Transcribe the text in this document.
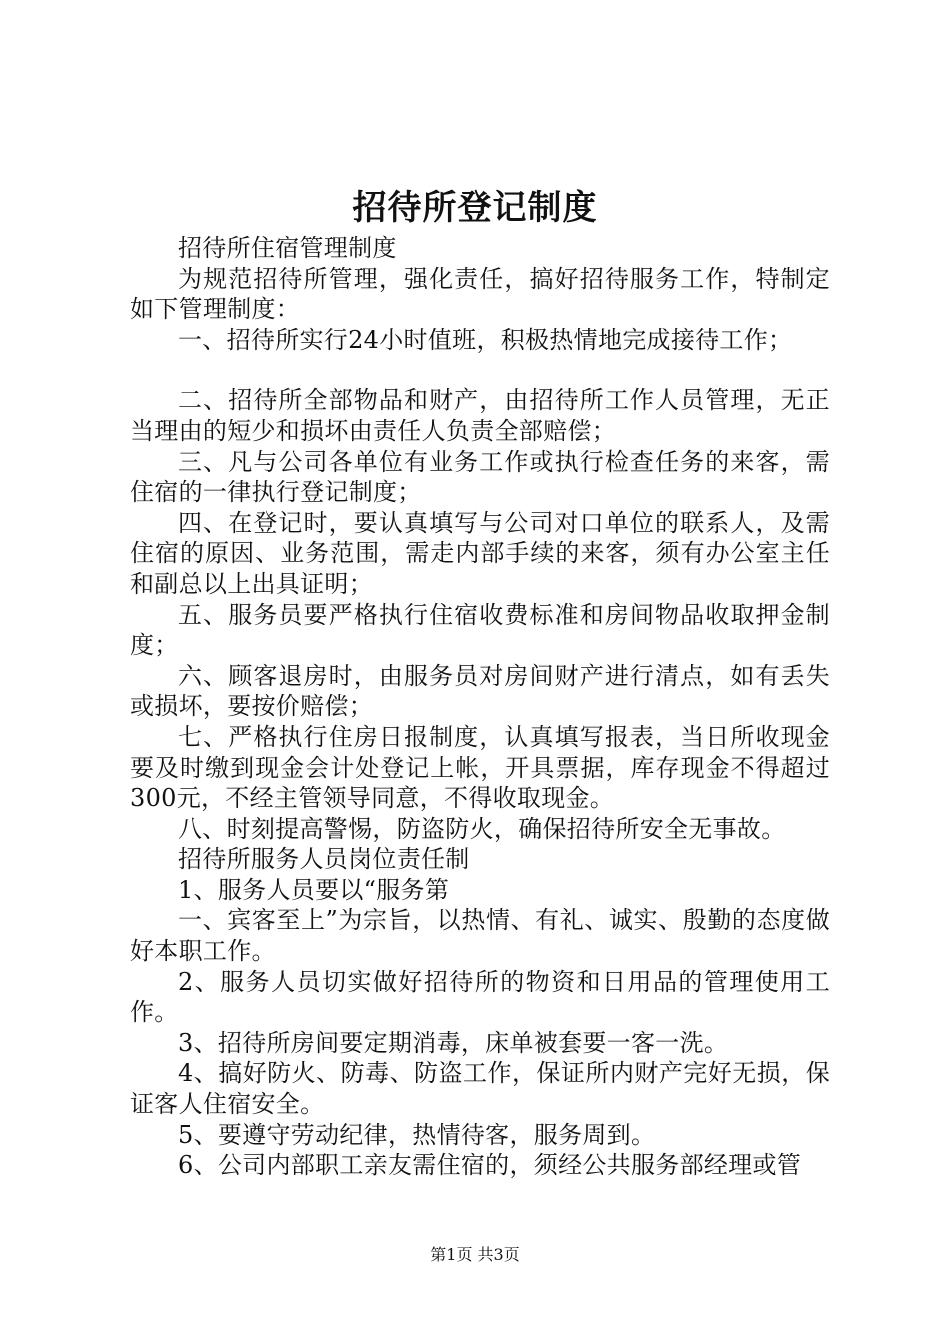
招待所登记制度

招待所住宿管理制度

为规范招待所管理，强化责任，搞好招待服务工作，特制定如下管理制度：

一、招待所实行24小时值班，积极热情地完成接待工作；

二、招待所全部物品和财产，由招待所工作人员管理，无正当理由的短少和损坏由责任人负责全部赔偿；

三、凡与公司各单位有业务工作或执行检查任务的来客，需住宿的一律执行登记制度；

四、在登记时，要认真填写与公司对口单位的联系人，及需住宿的原因、业务范围，需走内部手续的来客，须有办公室主任和副总以上出具证明；

五、服务员要严格执行住宿收费标准和房间物品收取押金制度；

六、顾客退房时，由服务员对房间财产进行清点，如有丢失或损坏，要按价赔偿；

七、严格执行住房日报制度，认真填写报表，当日所收现金要及时缴到现金会计处登记上帐，开具票据，库存现金不得超过300元，不经主管领导同意，不得收取现金。

八、时刻提高警惕，防盗防火，确保招待所安全无事故。

招待所服务人员岗位责任制

1、服务人员要以“服务第

一、宾客至上”为宗旨，以热情、有礼、诚实、殷勤的态度做好本职工作。

2、服务人员切实做好招待所的物资和日用品的管理使用工作。

3、招待所房间要定期消毒，床单被套要一客一洗。

4、搞好防火、防毒、防盗工作，保证所内财产完好无损，保证客人住宿安全。

5、要遵守劳动纪律，热情待客，服务周到。

6、公司内部职工亲友需住宿的，须经公共服务部经理或管

第1页 共3页
